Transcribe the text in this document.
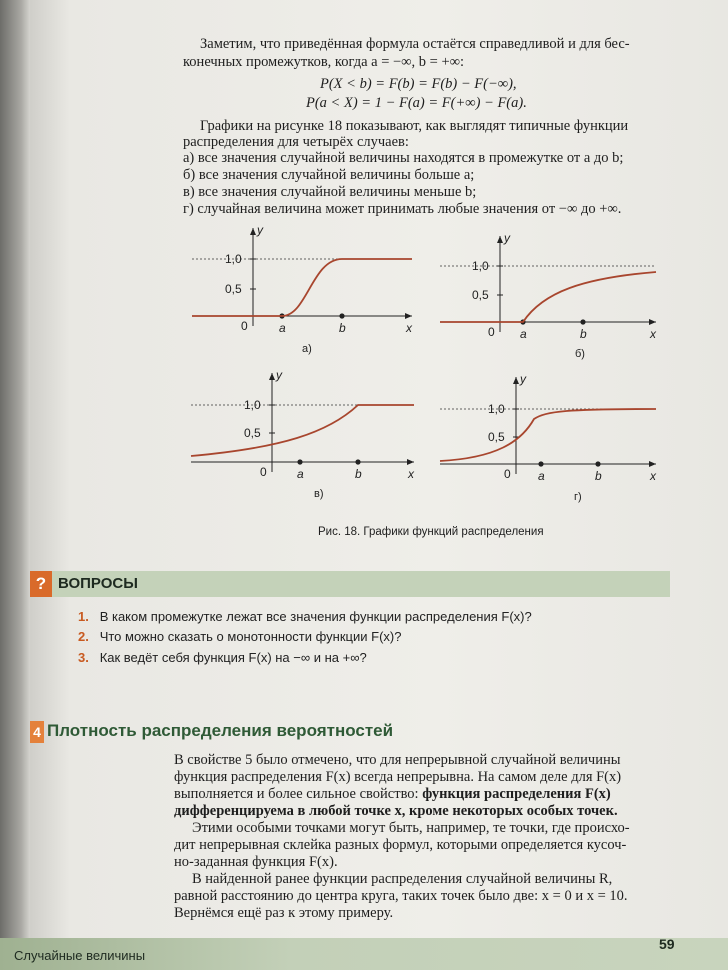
Заметим, что приведённая формула остаётся справедливой и для бес-
конечных промежутков, когда a = −∞, b = +∞:
P(X < b) = F(b) = F(b) − F(−∞),
P(a < X) = 1 − F(a) = F(+∞) − F(a).
Графики на рисунке 18 показывают, как выглядят типичные функции
распределения для четырёх случаев:
а) все значения случайной величины находятся в промежутке от a до b;
б) все значения случайной величины больше a;
в) все значения случайной величины меньше b;
г) случайная величина может принимать любые значения от −∞ до +∞.
1,0
0,5
y
x
0	a	b
а)
1,0
0,5
y
x
0 a	b
б)
1,0
0,5
y
x
0	a	b
в)
1,0
0,5
y
x
0 a	b
г)
Рис. 18. Графики функций распределения
? ВОПРОСЫ
1. В каком промежутке лежат все значения функции распределения F(x)?
2. Что можно сказать о монотонности функции F(x)?
3. Как ведёт себя функция F(x) на −∞ и на +∞?
4 Плотность распределения вероятностей
В свойстве 5 было отмечено, что для непрерывной случайной величины
функция распределения F(x) всегда непрерывна. На самом деле для F(x)
выполняется и более сильное свойство: функция распределения F(x)
дифференцируема в любой точке x, кроме некоторых особых точек.
Этими особыми точками могут быть, например, те точки, где происхо-
дит непрерывная склейка разных формул, которыми определяется кусоч-
но-заданная функция F(x).
В найденной ранее функции распределения случайной величины R,
равной расстоянию до центра круга, таких точек было две: x = 0 и x = 10.
Вернёмся ещё раз к этому примеру.
Случайные величины
59
